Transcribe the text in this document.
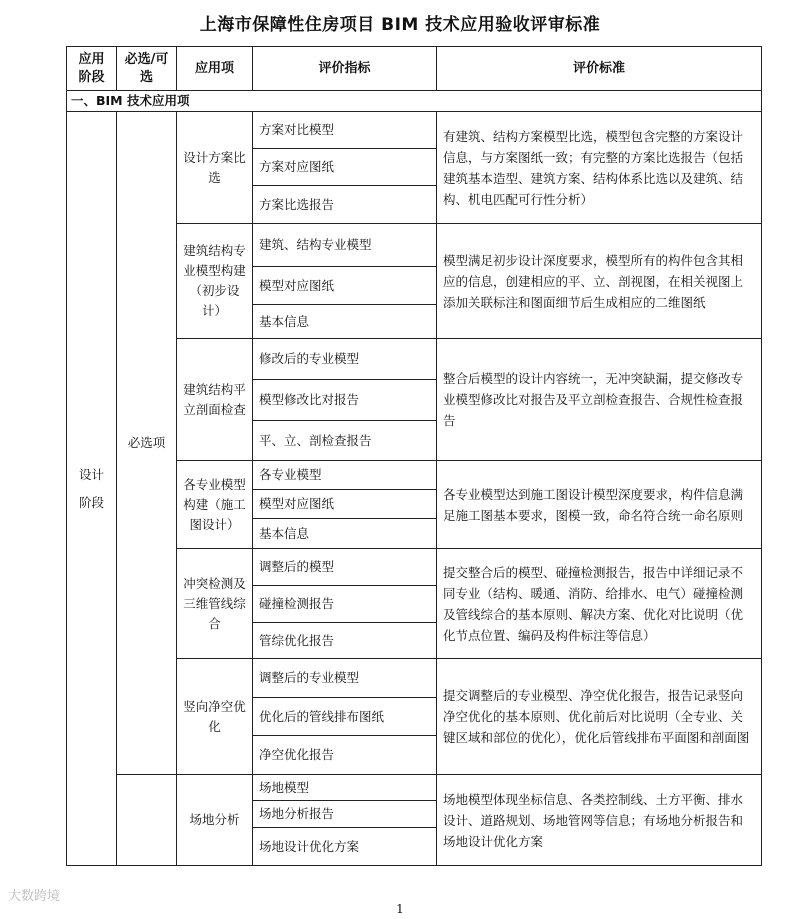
上海市保障性住房项目 BIM 技术应用验收评审标准
应用阶段	必选/可选	应用项	评价指标	评价标准
一、BIM 技术应用项				
设计阶段	必选项	设计方案比选	方案对比模型	有建筑、结构方案模型比选，模型包含完整的方案设计信息，与方案图纸一致；有完整的方案比选报告（包括建筑基本造型、建筑方案、结构体系比选以及建筑、结构、机电匹配可行性分析）
			方案对应图纸	
			方案比选报告	
		建筑结构专业模型构建（初步设计）	建筑、结构专业模型	模型满足初步设计深度要求，模型所有的构件包含其相应的信息，创建相应的平、立、剖视图，在相关视图上添加关联标注和图面细节后生成相应的二维图纸
			模型对应图纸	
			基本信息	
		建筑结构平立剖面检查	修改后的专业模型	整合后模型的设计内容统一，无冲突缺漏，提交修改专业模型修改比对报告及平立剖检查报告、合规性检查报告
			模型修改比对报告	
			平、立、剖检查报告	
		各专业模型构建（施工图设计）	各专业模型	各专业模型达到施工图设计模型深度要求，构件信息满足施工图基本要求，图模一致，命名符合统一命名原则
			模型对应图纸	
			基本信息	
		冲突检测及三维管线综合	调整后的模型	提交整合后的模型、碰撞检测报告，报告中详细记录不同专业（结构、暖通、消防、给排水、电气）碰撞检测及管线综合的基本原则、解决方案、优化对比说明（优化节点位置、编码及构件标注等信息）
			碰撞检测报告	
			管综优化报告	
		竖向净空优化	调整后的专业模型	提交调整后的专业模型、净空优化报告，报告记录竖向净空优化的基本原则、优化前后对比说明（全专业、关键区域和部位的优化），优化后管线排布平面图和剖面图
			优化后的管线排布图纸	
			净空优化报告	
		场地分析	场地模型	场地模型体现坐标信息、各类控制线、土方平衡、排水设计、道路规划、场地管网等信息；有场地分析报告和场地设计优化方案
			场地分析报告	
			场地设计优化方案	
大数跨境
1
